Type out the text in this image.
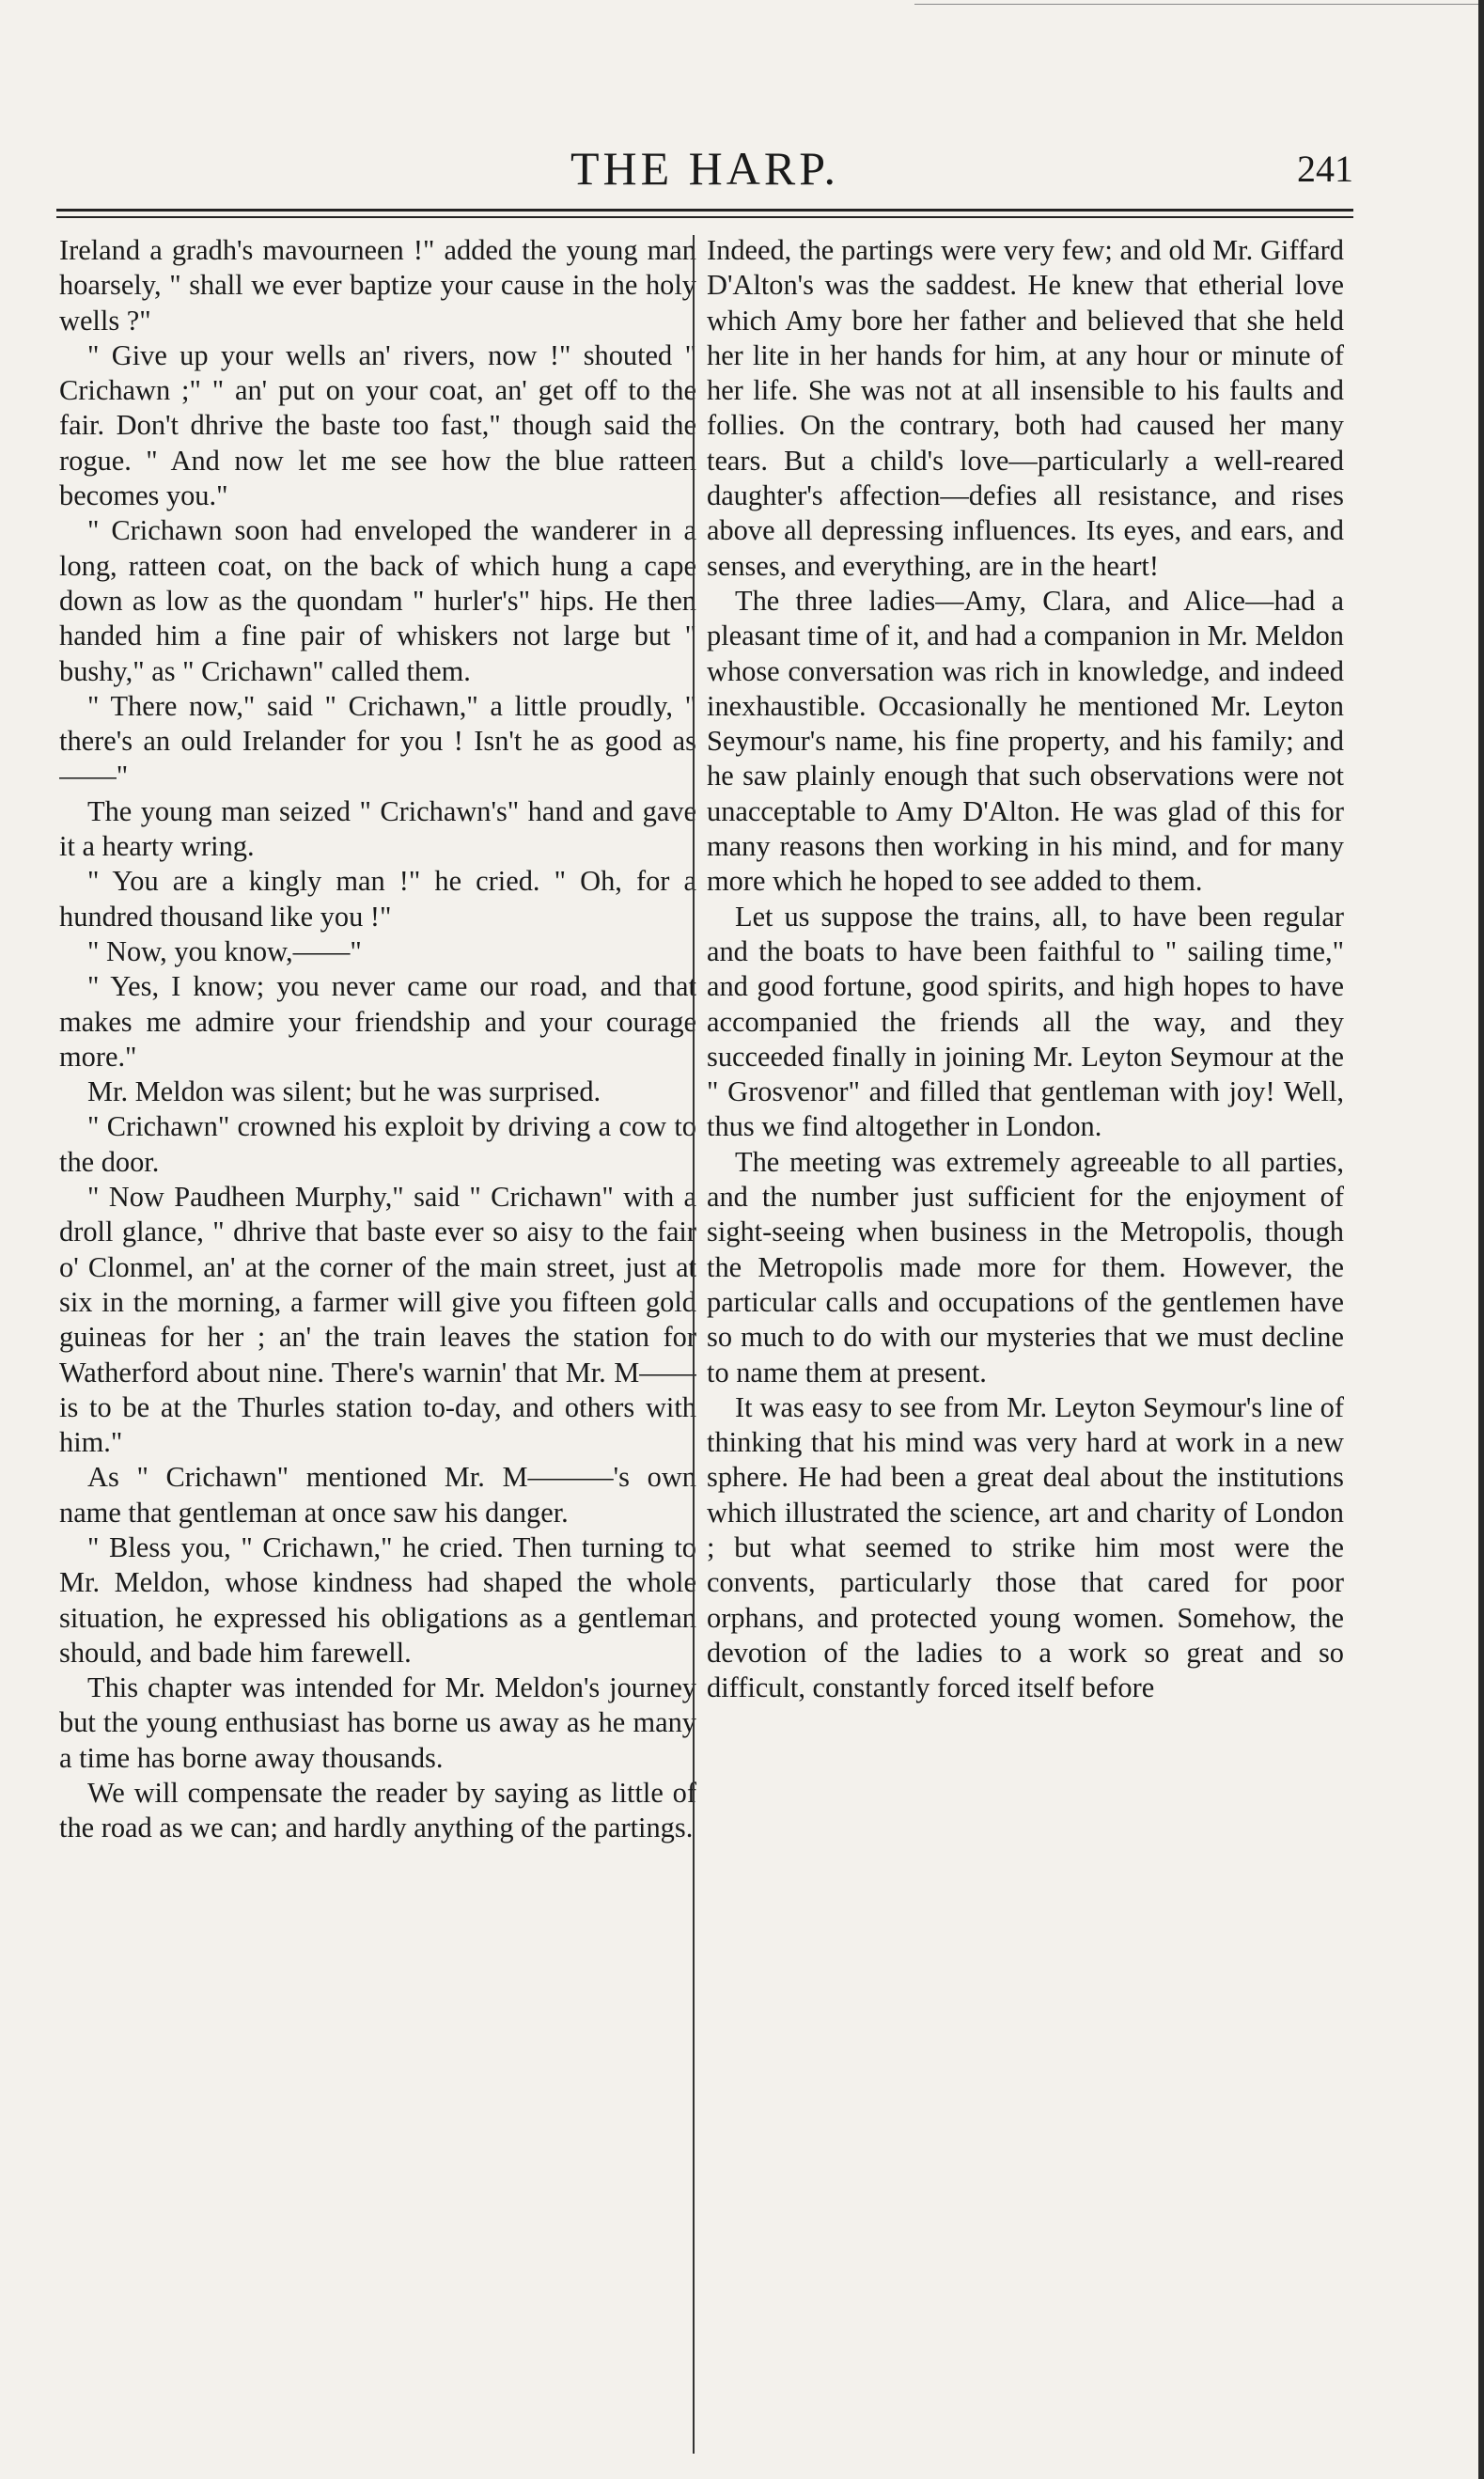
THE HARP.	241

Ireland a gradh's mavourneen !" added the young man hoarsely, " shall we ever baptize your cause in the holy wells ?"

" Give up your wells an' rivers, now !" shouted " Crichawn ;" " an' put on your coat, an' get off to the fair. Don't dhrive the baste too fast," though said the rogue. " And now let me see how the blue ratteen becomes you."

" Crichawn soon had enveloped the wanderer in a long, ratteen coat, on the back of which hung a cape down as low as the quondam " hurler's" hips. He then handed him a fine pair of whiskers not large but " bushy," as " Crichawn" called them.

" There now," said " Crichawn," a little proudly, " there's an ould Irelander for you ! Isn't he as good as——"

The young man seized " Crichawn's" hand and gave it a hearty wring.

" You are a kingly man !" he cried. " Oh, for a hundred thousand like you !"

" Now, you know,——"

" Yes, I know; you never came our road, and that makes me admire your friendship and your courage more."

Mr. Meldon was silent; but he was surprised.

" Crichawn" crowned his exploit by driving a cow to the door.

" Now Paudheen Murphy," said " Crichawn" with a droll glance, " dhrive that baste ever so aisy to the fair o' Clonmel, an' at the corner of the main street, just at six in the morning, a farmer will give you fifteen gold guineas for her ; an' the train leaves the station for Watherford about nine. There's warnin' that Mr. M——is to be at the Thurles station to-day, and others with him."

As " Crichawn" mentioned Mr. M———'s own name that gentleman at once saw his danger.

" Bless you, " Crichawn," he cried. Then turning to Mr. Meldon, whose kindness had shaped the whole situation, he expressed his obligations as a gentleman should, and bade him farewell.

This chapter was intended for Mr. Meldon's journey but the young enthusiast has borne us away as he many a time has borne away thousands.

We will compensate the reader by saying as little of the road as we can; and hardly anything of the partings.

Indeed, the partings were very few; and old Mr. Giffard D'Alton's was the saddest. He knew that etherial love which Amy bore her father and believed that she held her lite in her hands for him, at any hour or minute of her life. She was not at all insensible to his faults and follies. On the contrary, both had caused her many tears. But a child's love—particularly a well-reared daughter's affection—defies all resistance, and rises above all depressing influences. Its eyes, and ears, and senses, and everything, are in the heart!

The three ladies—Amy, Clara, and Alice—had a pleasant time of it, and had a companion in Mr. Meldon whose conversation was rich in knowledge, and indeed inexhaustible. Occasionally he mentioned Mr. Leyton Seymour's name, his fine property, and his family; and he saw plainly enough that such observations were not unacceptable to Amy D'Alton. He was glad of this for many reasons then working in his mind, and for many more which he hoped to see added to them.

Let us suppose the trains, all, to have been regular and the boats to have been faithful to " sailing time," and good fortune, good spirits, and high hopes to have accompanied the friends all the way, and they succeeded finally in joining Mr. Leyton Seymour at the " Grosvenor" and filled that gentleman with joy! Well, thus we find altogether in London.

The meeting was extremely agreeable to all parties, and the number just sufficient for the enjoyment of sight-seeing when business in the Metropolis, though the Metropolis made more for them. However, the particular calls and occupations of the gentlemen have so much to do with our mysteries that we must decline to name them at present.

It was easy to see from Mr. Leyton Seymour's line of thinking that his mind was very hard at work in a new sphere. He had been a great deal about the institutions which illustrated the science, art and charity of London ; but what seemed to strike him most were the convents, particularly those that cared for poor orphans, and protected young women. Somehow, the devotion of the ladies to a work so great and so difficult, constantly forced itself before
